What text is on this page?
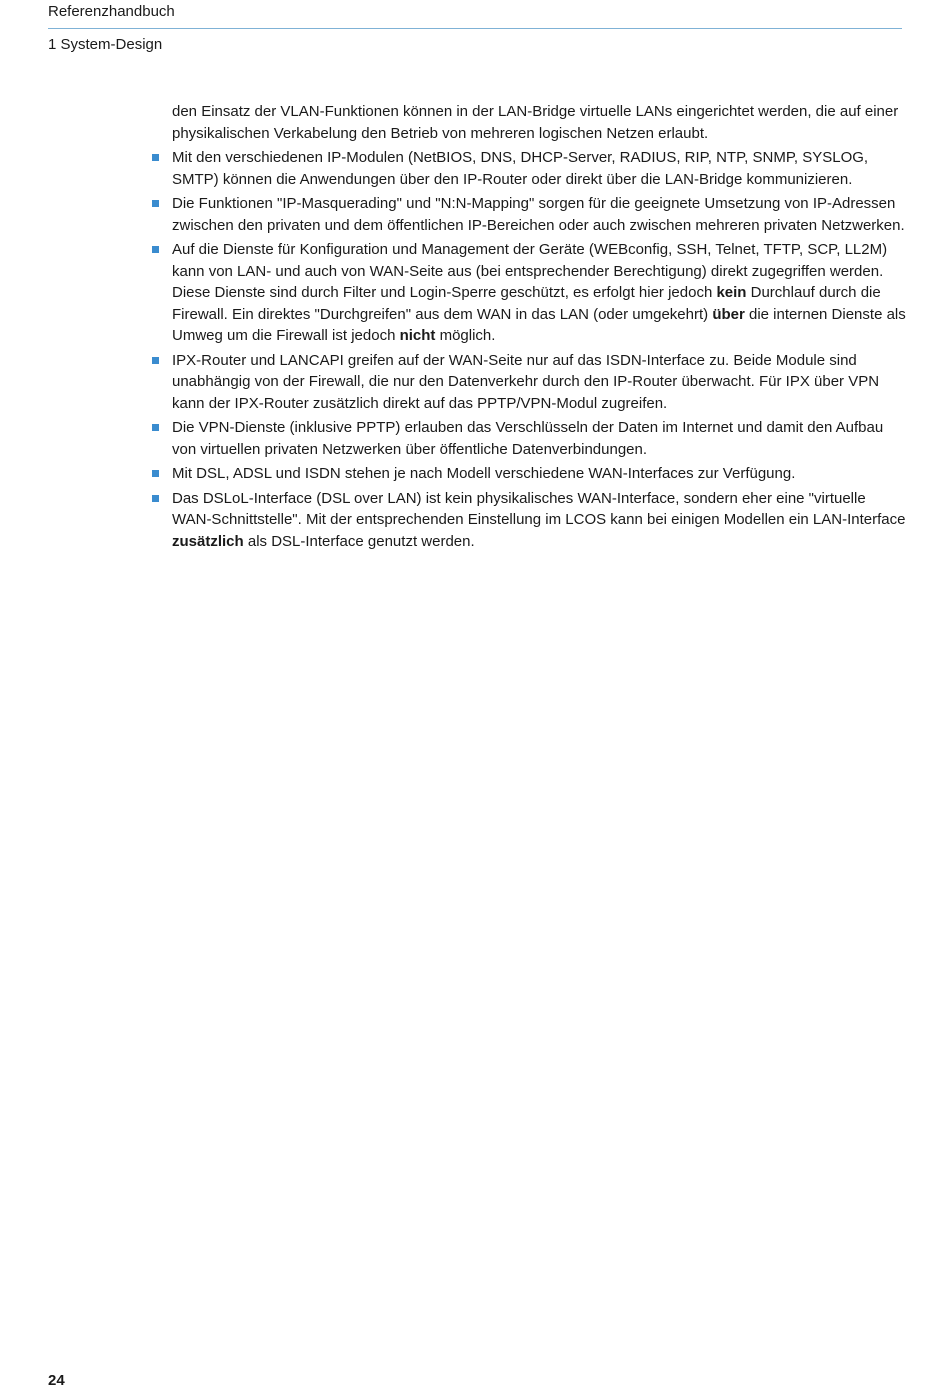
Referenzhandbuch
1 System-Design

den Einsatz der VLAN-Funktionen können in der LAN-Bridge virtuelle LANs eingerichtet werden, die auf einer physikalischen Verkabelung den Betrieb von mehreren logischen Netzen erlaubt.

Mit den verschiedenen IP-Modulen (NetBIOS, DNS, DHCP-Server, RADIUS, RIP, NTP, SNMP, SYSLOG, SMTP) können die Anwendungen über den IP-Router oder direkt über die LAN-Bridge kommunizieren.
Die Funktionen "IP-Masquerading" und "N:N-Mapping" sorgen für die geeignete Umsetzung von IP-Adressen zwischen den privaten und dem öffentlichen IP-Bereichen oder auch zwischen mehreren privaten Netzwerken.
Auf die Dienste für Konfiguration und Management der Geräte (WEBconfig, SSH, Telnet, TFTP, SCP, LL2M) kann von LAN- und auch von WAN-Seite aus (bei entsprechender Berechtigung) direkt zugegriffen werden. Diese Dienste sind durch Filter und Login-Sperre geschützt, es erfolgt hier jedoch kein Durchlauf durch die Firewall. Ein direktes "Durchgreifen" aus dem WAN in das LAN (oder umgekehrt) über die internen Dienste als Umweg um die Firewall ist jedoch nicht möglich.
IPX-Router und LANCAPI greifen auf der WAN-Seite nur auf das ISDN-Interface zu. Beide Module sind unabhängig von der Firewall, die nur den Datenverkehr durch den IP-Router überwacht. Für IPX über VPN kann der IPX-Router zusätzlich direkt auf das PPTP/VPN-Modul zugreifen.
Die VPN-Dienste (inklusive PPTP) erlauben das Verschlüsseln der Daten im Internet und damit den Aufbau von virtuellen privaten Netzwerken über öffentliche Datenverbindungen.
Mit DSL, ADSL und ISDN stehen je nach Modell verschiedene WAN-Interfaces zur Verfügung.
Das DSLoL-Interface (DSL over LAN) ist kein physikalisches WAN-Interface, sondern eher eine "virtuelle WAN-Schnittstelle". Mit der entsprechenden Einstellung im LCOS kann bei einigen Modellen ein LAN-Interface zusätzlich als DSL-Interface genutzt werden.
24
